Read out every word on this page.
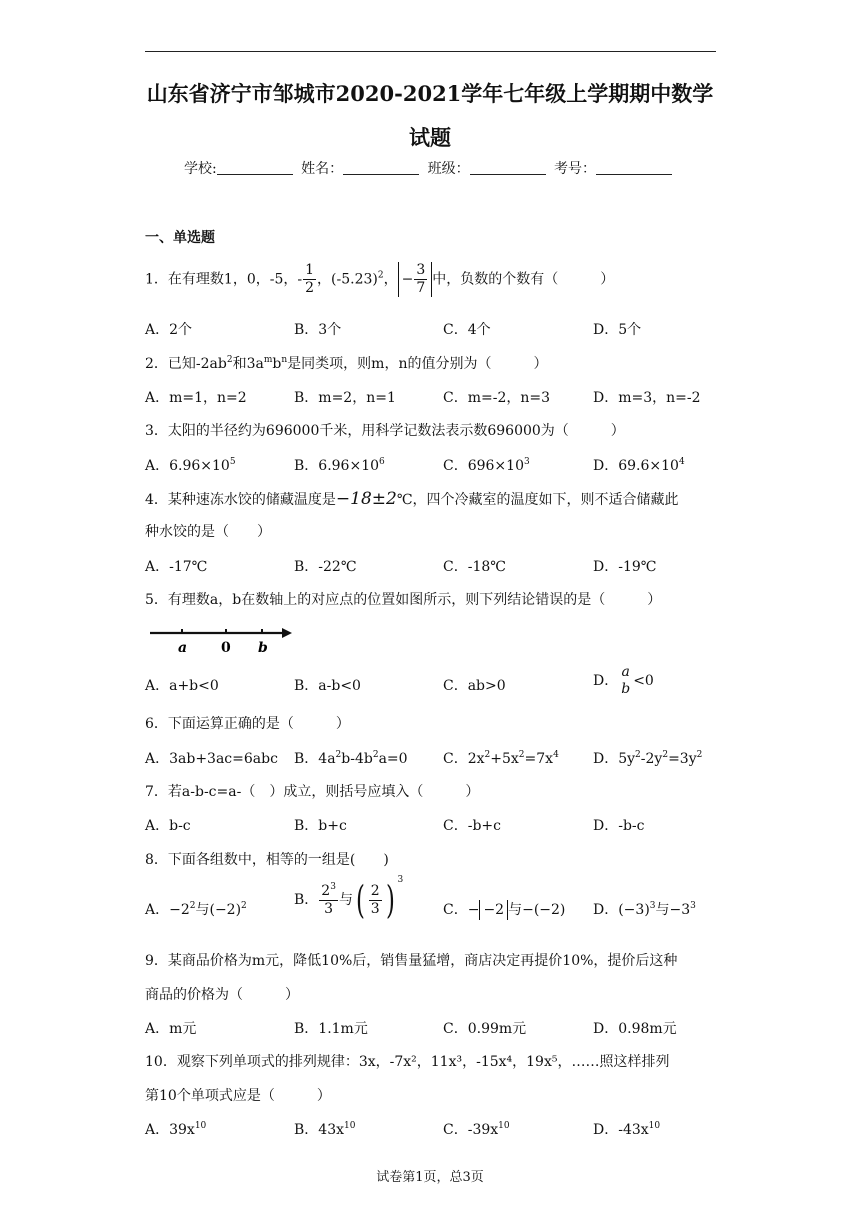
山东省济宁市邹城市2020-2021学年七年级上学期期中数学
试题
学校:	姓名：	班级：	考号：
一、单选题
1．在有理数1，0，-5，- $\frac{1}{2}$ ，$(-5.23)^2$， − $\frac{3}{7}$ 中，负数的个数有（　　　）
A．2个	B．3个	C．4个	D．5个
2．已知$-2ab^2$和$3a^mb^n$是同类项，则m，n的值分别为（　　　）
A．m=1，n=2	B．m=2，n=1	C．m=-2，n=3	D．m=3，n=-2
3．太阳的半径约为696000千米，用科学记数法表示数696000为（　　　）
A．$6.96\times 10^5$	B．$6.96\times 10^6$	C．$696\times 10^3$	D．$69.6\times 10^4$
4．某种速冻水饺的储藏温度是−18±2℃，四个冷藏室的温度如下，则不适合储藏此
种水饺的是（　　）
A．-17℃	B．-22℃	C．-18℃	D．-19℃
5．有理数a，b在数轴上的对应点的位置如图所示，则下列结论错误的是（　　　）
a 0 b
A．a+b<0	B．a-b<0	C．ab>0	D．
a
b <0
6．下面运算正确的是（　　　）
A．3ab+3ac=6abc B．$4a^2b-4b^2a=0$	C．$2x^2+5x^2=7x^4$ D．$5y^2-2y^2=3y^2$
7．若a-b-c=a-（　）成立，则括号应填入（　　　）
A．b-c	B．b+c	C．-b+c	D．-b-c
8．下面各组数中，相等的一组是(　　)
A．$-2^2$与$(-2)^2$	B． $\frac{2^3}{3}$ 与( $\frac{2}{3}$ ) $^3$
C．− −2 与−(−2) D．$(-3)^3$与$-3^3$
9．某商品价格为m元，降低10%后，销售量猛增，商店决定再提价10%，提价后这种
商品的价格为（　　　）
A．m元	B．1.1m元	C．0.99m元	D．0.98m元
10．观察下列单项式的排列规律：3x，-7x²，11x³，-15x⁴，19x⁵，……照这样排列
第10个单项式应是（　　　）
A．$39x^{10}$	B．$43x^{10}$	C．$-39x^{10}$	D．$-43x^{10}$
试卷第1页，总3页
